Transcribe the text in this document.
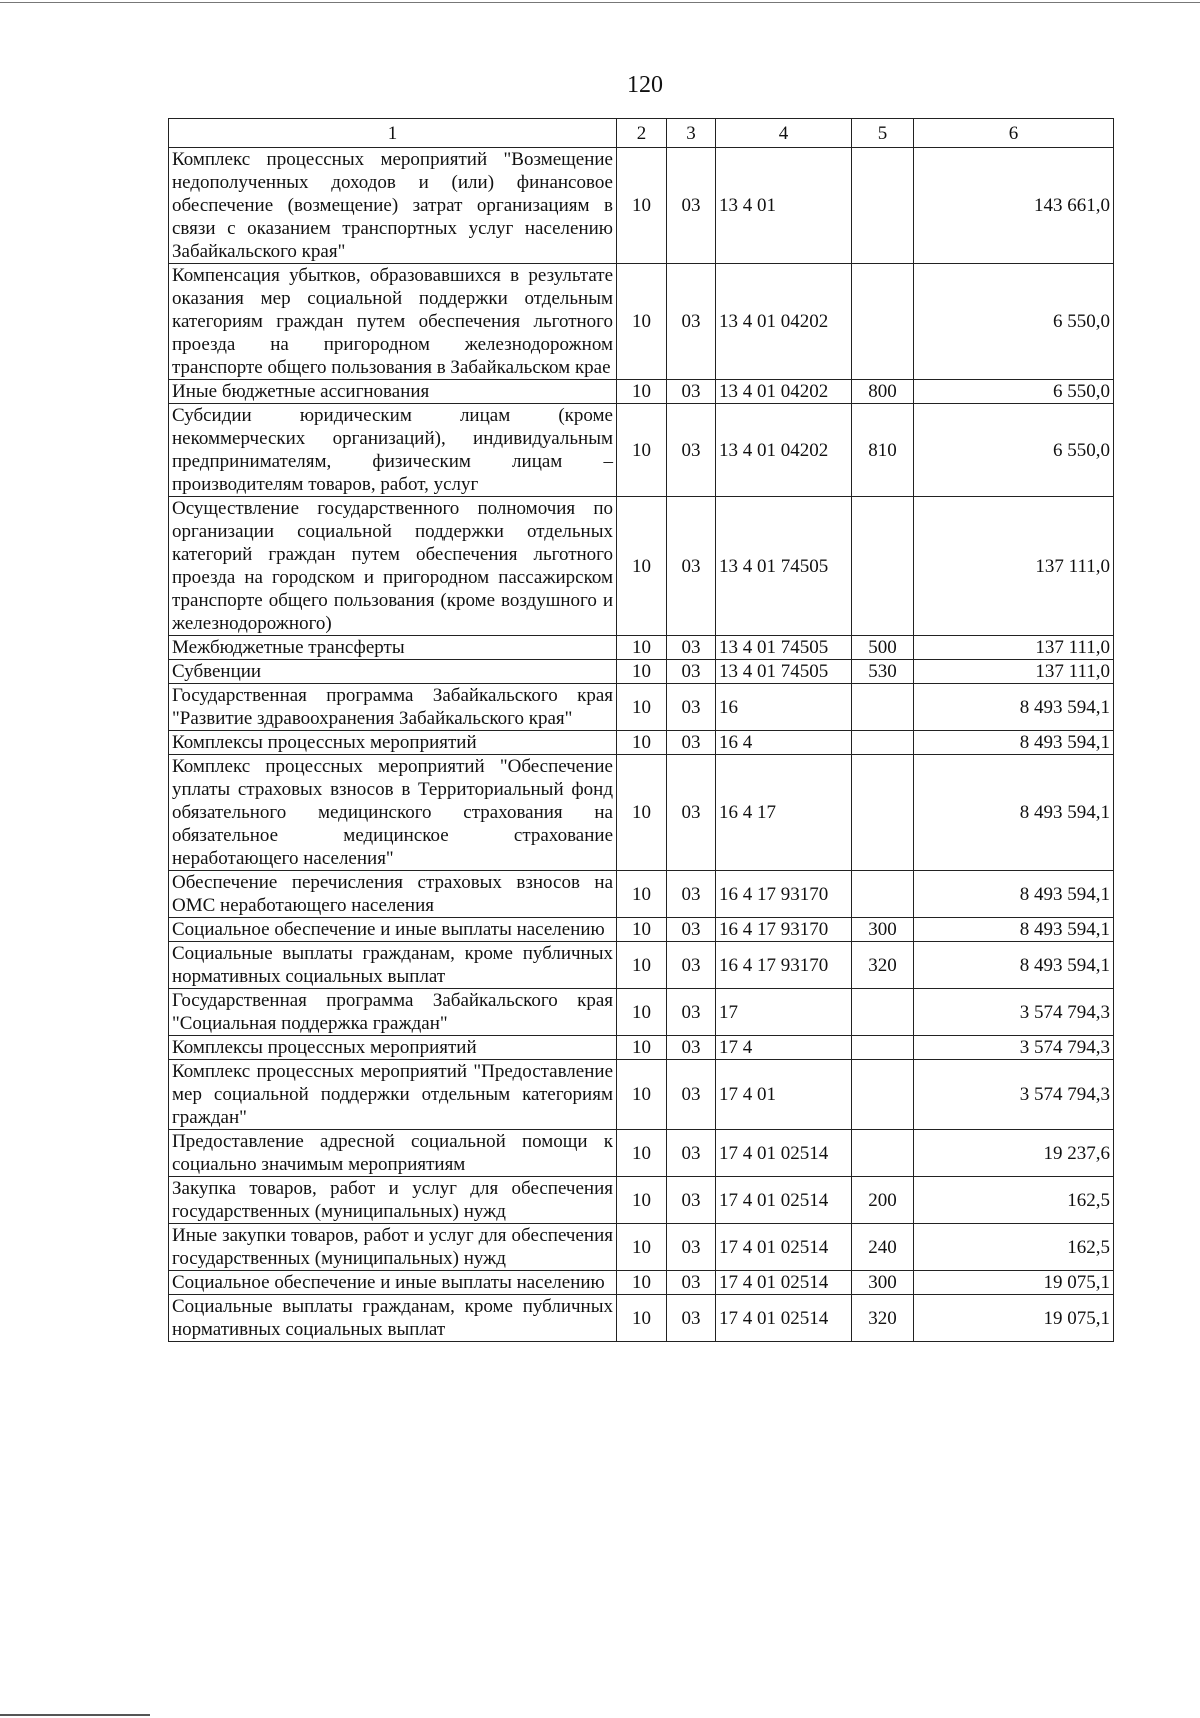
120
1	2	3	4	5	6
Комплекс процессных мероприятий "Возмещение недополученных доходов и (или) финансовое обеспечение (возмещение) затрат организациям в связи с оказанием транспортных услуг населению Забайкальского края"	10	03	13 4 01		143 661,0
Компенсация убытков, образовавшихся в результате оказания мер социальной поддержки отдельным категориям граждан путем обеспечения льготного проезда на пригородном железнодорожном транспорте общего пользования в Забайкальском крае	10	03	13 4 01 04202		6 550,0
Иные бюджетные ассигнования	10	03	13 4 01 04202	800	6 550,0
Субсидии юридическим лицам (кроме некоммерческих организаций), индивидуальным предпринимателям, физическим лицам – производителям товаров, работ, услуг	10	03	13 4 01 04202	810	6 550,0
Осуществление государственного полномочия по организации социальной поддержки отдельных категорий граждан путем обеспечения льготного проезда на городском и пригородном пассажирском транспорте общего пользования (кроме воздушного и железнодорожного)	10	03	13 4 01 74505		137 111,0
Межбюджетные трансферты	10	03	13 4 01 74505	500	137 111,0
Субвенции	10	03	13 4 01 74505	530	137 111,0
Государственная программа Забайкальского края "Развитие здравоохранения Забайкальского края"	10	03	16		8 493 594,1
Комплексы процессных мероприятий	10	03	16 4		8 493 594,1
Комплекс процессных мероприятий "Обеспечение уплаты страховых взносов в Территориальный фонд обязательного медицинского страхования на обязательное медицинское страхование неработающего населения"	10	03	16 4 17		8 493 594,1
Обеспечение перечисления страховых взносов на ОМС неработающего населения	10	03	16 4 17 93170		8 493 594,1
Социальное обеспечение и иные выплаты населению	10	03	16 4 17 93170	300	8 493 594,1
Социальные выплаты гражданам, кроме публичных нормативных социальных выплат	10	03	16 4 17 93170	320	8 493 594,1
Государственная программа Забайкальского края "Социальная поддержка граждан"	10	03	17		3 574 794,3
Комплексы процессных мероприятий	10	03	17 4		3 574 794,3
Комплекс процессных мероприятий "Предоставление мер социальной поддержки отдельным категориям граждан"	10	03	17 4 01		3 574 794,3
Предоставление адресной социальной помощи к социально значимым мероприятиям	10	03	17 4 01 02514		19 237,6
Закупка товаров, работ и услуг для обеспечения государственных (муниципальных) нужд	10	03	17 4 01 02514	200	162,5
Иные закупки товаров, работ и услуг для обеспечения государственных (муниципальных) нужд	10	03	17 4 01 02514	240	162,5
Социальное обеспечение и иные выплаты населению	10	03	17 4 01 02514	300	19 075,1
Социальные выплаты гражданам, кроме публичных нормативных социальных выплат	10	03	17 4 01 02514	320	19 075,1
